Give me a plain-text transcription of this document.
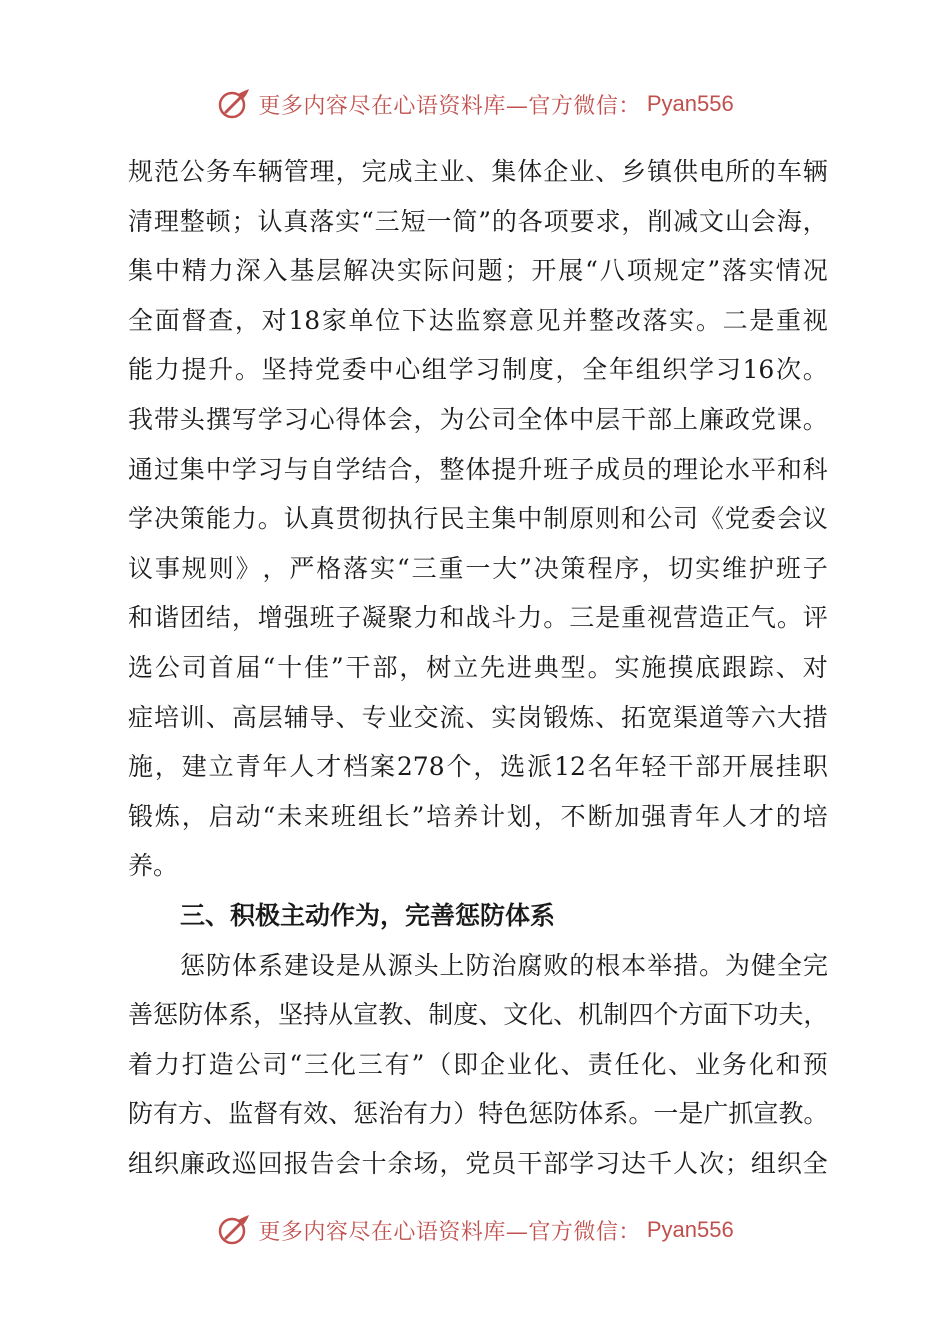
更多内容尽在心语资料库—官方微信： Pyan556
规 范 公 务 车 辆 管 理 ， 完 成 主 业 、 集 体 企 业 、 乡 镇 供 电 所 的 车 辆
清 理 整 顿 ； 认 真 落 实 “ 三 短 一 简 ” 的 各 项 要 求 ， 削 减 文 山 会 海 ，
集 中 精 力 深 入 基 层 解 决 实 际 问 题 ； 开 展 “ 八 项 规 定 ” 落 实 情 况
全 面 督 查 ， 对 18 家 单 位 下 达 监 察 意 见 并 整 改 落 实 。 二 是 重 视
能 力 提 升 。 坚 持 党 委 中 心 组 学 习 制 度 ， 全 年 组 织 学 习 16 次 。
我 带 头 撰 写 学 习 心 得 体 会 ， 为 公 司 全 体 中 层 干 部 上 廉 政 党 课 。
通 过 集 中 学 习 与 自 学 结 合 ， 整 体 提 升 班 子 成 员 的 理 论 水 平 和 科
学 决 策 能 力 。 认 真 贯 彻 执 行 民 主 集 中 制 原 则 和 公 司 《 党 委 会 议
议 事 规 则 》 ， 严 格 落 实 “ 三 重 一 大 ” 决 策 程 序 ， 切 实 维 护 班 子
和 谐 团 结 ， 增 强 班 子 凝 聚 力 和 战 斗 力 。 三 是 重 视 营 造 正 气 。 评
选 公 司 首 届 “ 十 佳 ” 干 部 ， 树 立 先 进 典 型 。 实 施 摸 底 跟 踪 、 对
症 培 训 、 高 层 辅 导 、 专 业 交 流 、 实 岗 锻 炼 、 拓 宽 渠 道 等 六 大 措
施 ， 建 立 青 年 人 才 档 案 278 个 ， 选 派 12 名 年 轻 干 部 开 展 挂 职
锻 炼 ， 启 动 “ 未 来 班 组 长 ” 培 养 计 划 ， 不 断 加 强 青 年 人 才 的 培
养 。
三、积极主动作为，完善惩防体系
惩 防 体 系 建 设 是 从 源 头 上 防 治 腐 败 的 根 本 举 措 。 为 健 全 完
善 惩 防 体 系 ， 坚 持 从 宣 教 、 制 度 、 文 化 、 机 制 四 个 方 面 下 功 夫 ，
着 力 打 造 公 司 “ 三 化 三 有 ” （ 即 企 业 化 、 责 任 化 、 业 务 化 和 预
防 有 方 、 监 督 有 效 、 惩 治 有 力 ） 特 色 惩 防 体 系 。 一 是 广 抓 宣 教 。
组 织 廉 政 巡 回 报 告 会 十 余 场 ， 党 员 干 部 学 习 达 千 人 次 ； 组 织 全
更多内容尽在心语资料库—官方微信： Pyan556
